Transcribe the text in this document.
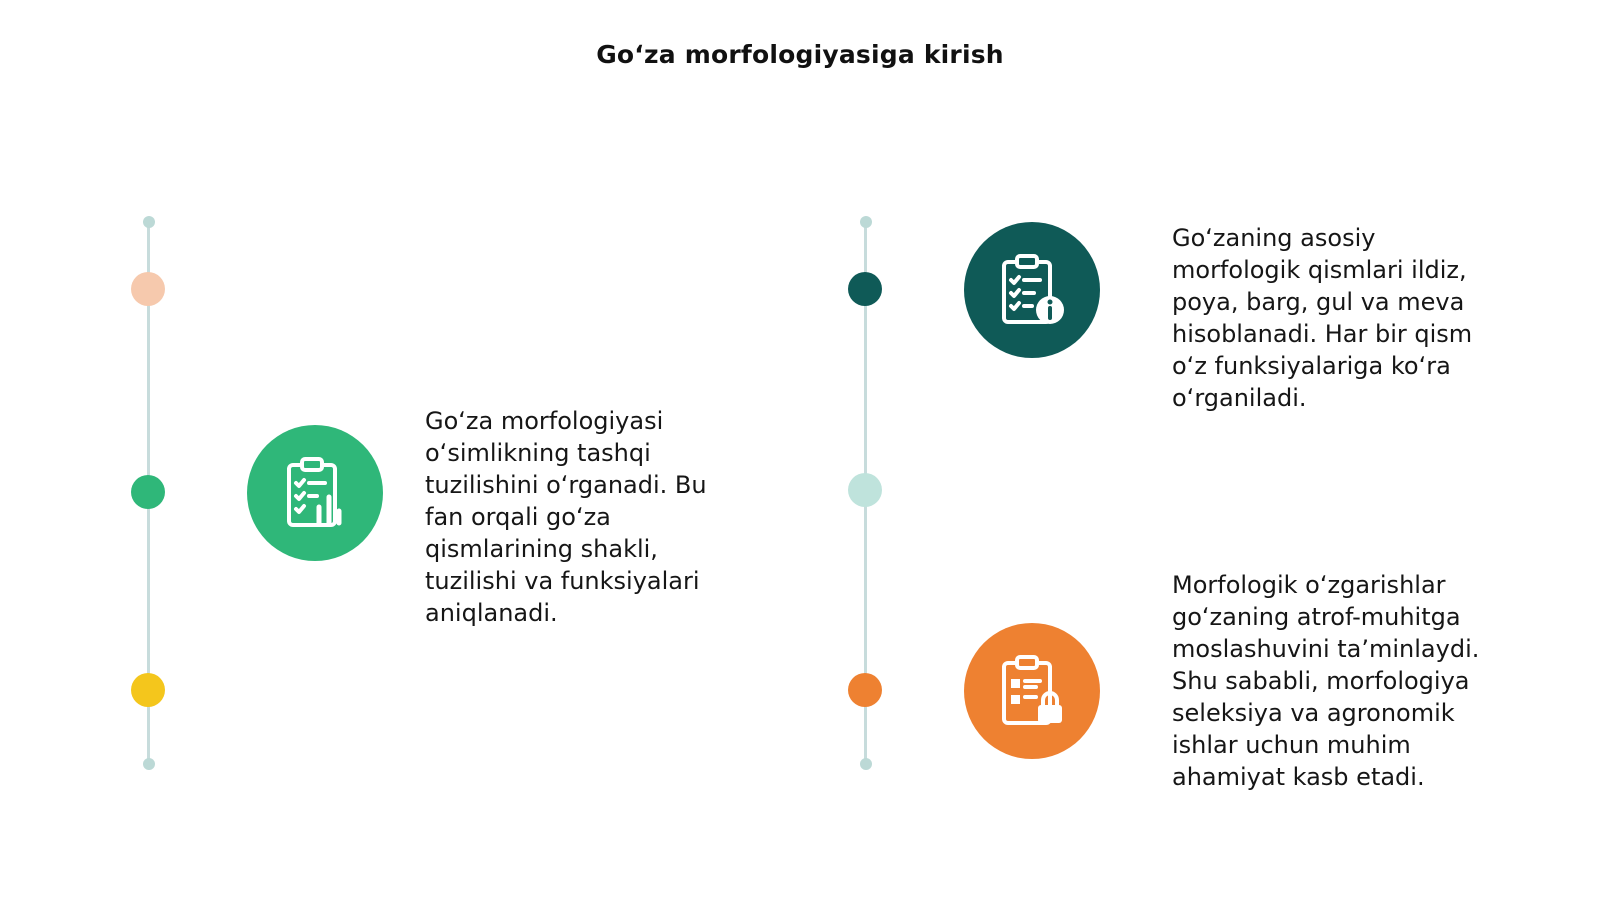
Goʻza morfologiyasiga kirish
Goʻza morfologiyasi
oʻsimlikning tashqi
tuzilishini oʻrganadi. Bu
fan orqali goʻza
qismlarining shakli,
tuzilishi va funksiyalari
aniqlanadi.
Goʻzaning asosiy
morfologik qismlari ildiz,
poya, barg, gul va meva
hisoblanadi. Har bir qism
oʻz funksiyalariga koʻra
oʻrganiladi.
Morfologik oʻzgarishlar
goʻzaning atrof-muhitga
moslashuvini taʼminlaydi.
Shu sababli, morfologiya
seleksiya va agronomik
ishlar uchun muhim
ahamiyat kasb etadi.
